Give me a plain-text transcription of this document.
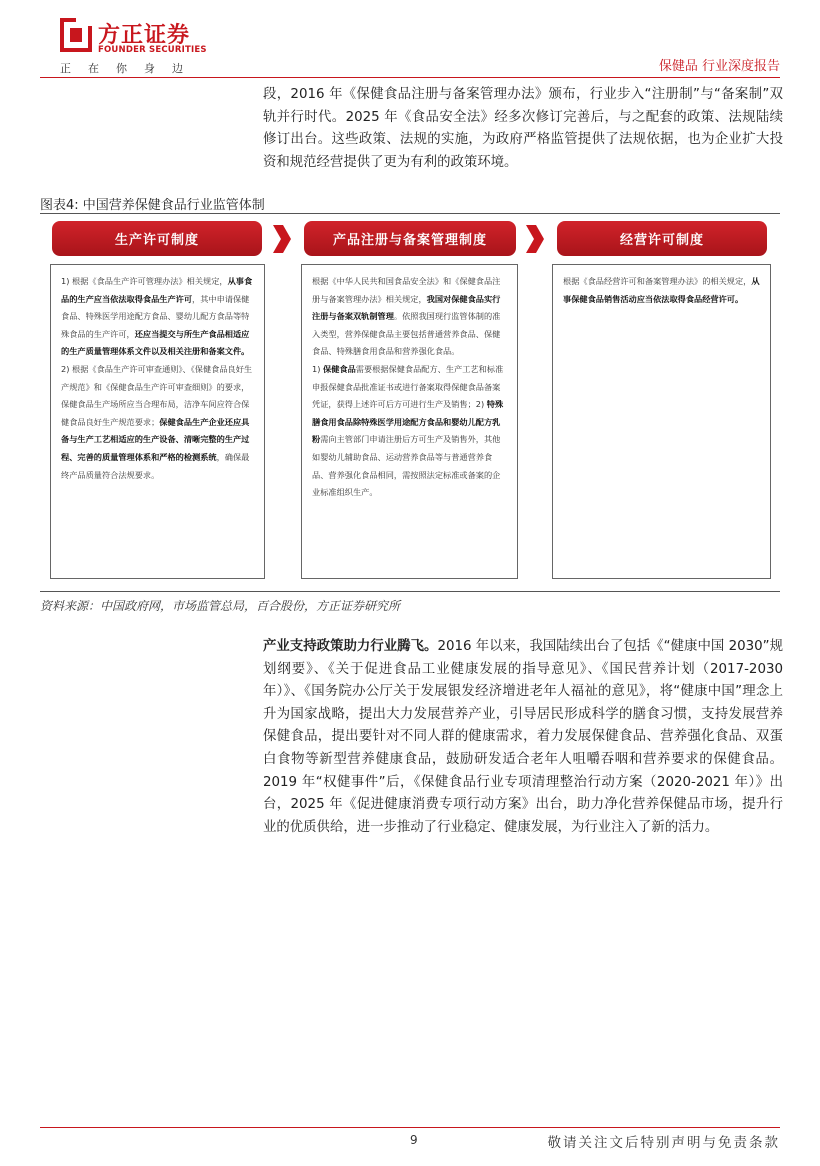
方正证券
FOUNDER SECURITIES
正在你身边	保健品 行业深度报告
段，2016 年《保健食品注册与备案管理办法》颁布，行业步入“注册制”与“备案制”双轨并行时代。2025 年《食品安全法》经多次修订完善后，与之配套的政策、法规陆续修订出台。这些政策、法规的实施，为政府严格监管提供了法规依据，也为企业扩大投资和规范经营提供了更为有利的政策环境。
图表4: 中国营养保健食品行业监管体制
生产许可制度	产品注册与备案管理制度	经营许可制度

1) 根据《食品生产许可管理办法》相关规定，从事食品的生产应当依法取得食品生产许可，其中申请保健食品、特殊医学用途配方食品、婴幼儿配方食品等特殊食品的生产许可，还应当提交与所生产食品相适应的生产质量管理体系文件以及相关注册和备案文件。

2) 根据《食品生产许可审查通则》、《保健食品良好生产规范》和《保健食品生产许可审查细则》的要求，保健食品生产场所应当合理布局，洁净车间应符合保健食品良好生产规范要求；保健食品生产企业还应具备与生产工艺相适应的生产设备、清晰完整的生产过程、完善的质量管理体系和严格的检测系统，确保最终产品质量符合法规要求。

根据《中华人民共和国食品安全法》和《保健食品注册与备案管理办法》相关规定，我国对保健食品实行注册与备案双轨制管理。依照我国现行监管体制的准入类型，营养保健食品主要包括普通营养食品、保健食品、特殊膳食用食品和营养强化食品。

1) 保健食品需要根据保健食品配方、生产工艺和标准申报保健食品批准证书或进行备案取得保健食品备案凭证，获得上述许可后方可进行生产及销售；2) 特殊膳食用食品除特殊医学用途配方食品和婴幼儿配方乳粉需向主管部门申请注册后方可生产及销售外，其他如婴幼儿辅助食品、运动营养食品等与普通营养食品、营养强化食品相同，需按照法定标准或备案的企业标准组织生产。

根据《食品经营许可和备案管理办法》的相关规定，从事保健食品销售活动应当依法取得食品经营许可。

资料来源：中国政府网，市场监管总局，百合股份，方正证券研究所
产业支持政策助力行业腾飞。2016 年以来，我国陆续出台了包括《“健康中国 2030”规划纲要》、《关于促进食品工业健康发展的指导意见》、《国民营养计划（2017-2030 年）》、《国务院办公厅关于发展银发经济增进老年人福祉的意见》，将“健康中国”理念上升为国家战略，提出大力发展营养产业，引导居民形成科学的膳食习惯，支持发展营养保健食品，提出要针对不同人群的健康需求，着力发展保健食品、营养强化食品、双蛋白食物等新型营养健康食品，鼓励研发适合老年人咀嚼吞咽和营养要求的保健食品。2019 年“权健事件”后，《保健食品行业专项清理整治行动方案（2020-2021 年）》出台，2025 年《促进健康消费专项行动方案》出台，助力净化营养保健品市场，提升行业的优质供给，进一步推动了行业稳定、健康发展，为行业注入了新的活力。
9	敬请关注文后特别声明与免责条款
